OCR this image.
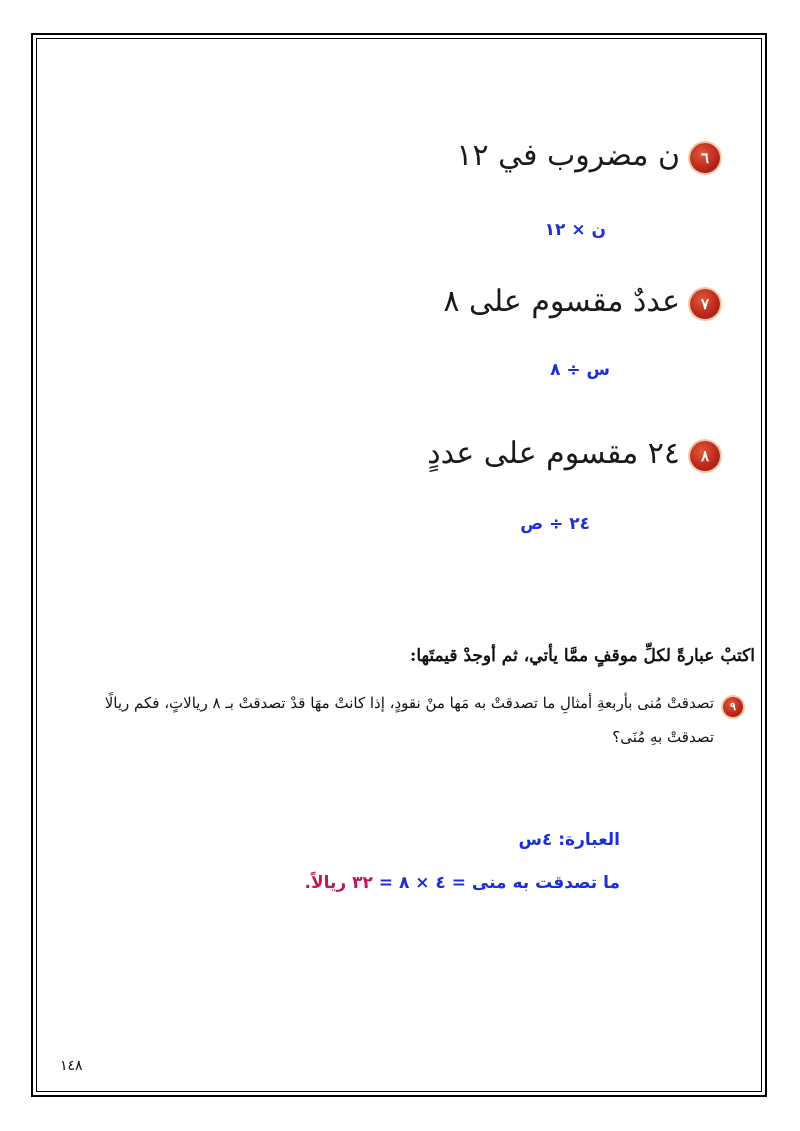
٦
ن مضروب في ١٢
ن × ١٢
٧
عددٌ مقسوم على ٨
س ÷ ٨
٨
٢٤ مقسوم على عددٍ
٢٤ ÷ ص
اكتبْ عبارةً لكلِّ موقفٍ ممَّا يأتي، ثم أوجدْ قيمتَها:
٩
تصدقتْ مُنى بأربعةِ أمثالِ ما تصدقتْ به مَها منْ نقودٍ، إذا كانتْ مهَا قدْ تصدقتْ بـ ٨ ريالاتٍ، فكم ريالًا
تصدقتْ بهِ مُنَى؟
العبارة: ٤س
ما تصدقت به منى = ٤ × ٨ = ٣٢ ريالاً.
١٤٨
